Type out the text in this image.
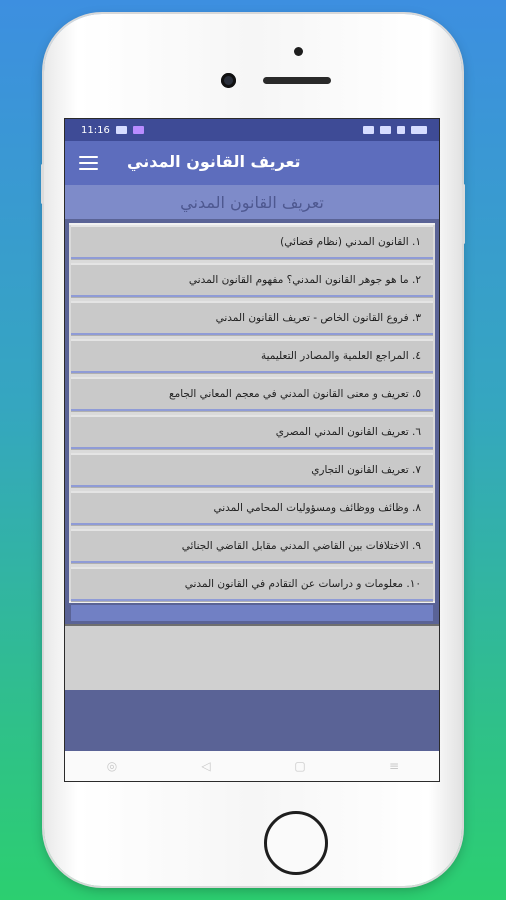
11:16
تعريف القانون المدني
تعريف القانون المدني
١. القانون المدني (نظام قضائي)
٢. ما هو جوهر القانون المدني؟ مفهوم القانون المدني
٣. فروع القانون الخاص - تعريف القانون المدني
٤. المراجع العلمية والمصادر التعليمية
٥. تعريف و معنى القانون المدني في معجم المعاني الجامع
٦. تعريف القانون المدني المصري
٧. تعريف القانون التجاري
٨. وظائف ووظائف ومسؤوليات المحامي المدني
٩. الاختلافات بين القاضي المدني مقابل القاضي الجنائي
١٠. معلومات و دراسات عن التقادم في القانون المدني
◎	◁	▢	≡
